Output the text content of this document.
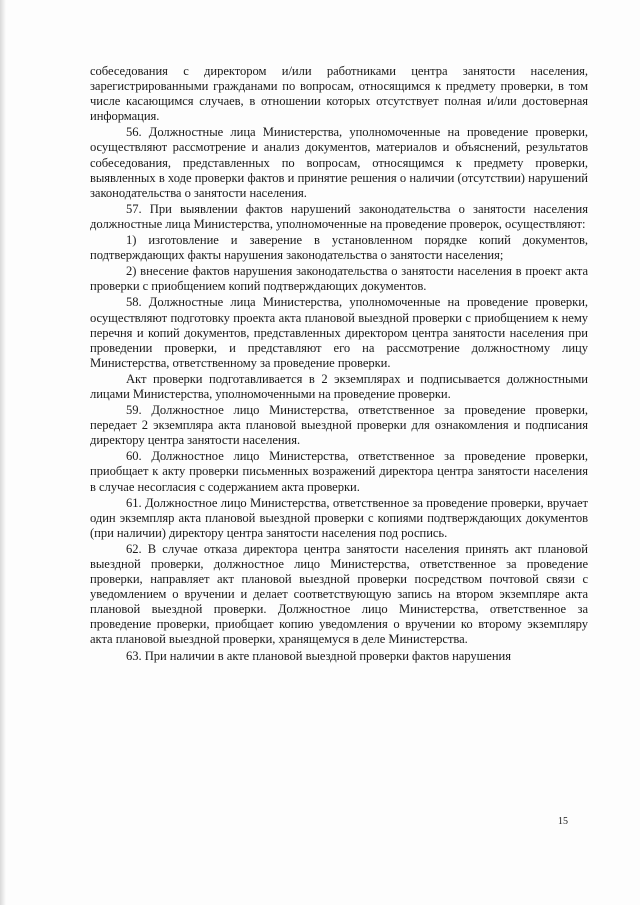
собеседования с директором и/или работниками центра занятости населения, зарегистрированными гражданами по вопросам, относящимся к предмету проверки, в том числе касающимся случаев, в отношении которых отсутствует полная и/или достоверная информация.

56. Должностные лица Министерства, уполномоченные на проведение проверки, осуществляют рассмотрение и анализ документов, материалов и объяснений, результатов собеседования, представленных по вопросам, относящимся к предмету проверки, выявленных в ходе проверки фактов и принятие решения о наличии (отсутствии) нарушений законодательства о занятости населения.

57. При выявлении фактов нарушений законодательства о занятости населения должностные лица Министерства, уполномоченные на проведение проверок, осуществляют:

1) изготовление и заверение в установленном порядке копий документов, подтверждающих факты нарушения законодательства о занятости населения;

2) внесение фактов нарушения законодательства о занятости населения в проект акта проверки с приобщением копий подтверждающих документов.

58. Должностные лица Министерства, уполномоченные на проведение проверки, осуществляют подготовку проекта акта плановой выездной проверки с приобщением к нему перечня и копий документов, представленных директором центра занятости населения при проведении проверки, и представляют его на рассмотрение должностному лицу Министерства, ответственному за проведение проверки.

Акт проверки подготавливается в 2 экземплярах и подписывается должностными лицами Министерства, уполномоченными на проведение проверки.

59. Должностное лицо Министерства, ответственное за проведение проверки, передает 2 экземпляра акта плановой выездной проверки для ознакомления и подписания директору центра занятости населения.

60. Должностное лицо Министерства, ответственное за проведение проверки, приобщает к акту проверки письменных возражений директора центра занятости населения в случае несогласия с содержанием акта проверки.

61. Должностное лицо Министерства, ответственное за проведение проверки, вручает один экземпляр акта плановой выездной проверки с копиями подтверждающих документов (при наличии) директору центра занятости населения под роспись.

62. В случае отказа директора центра занятости населения принять акт плановой выездной проверки, должностное лицо Министерства, ответственное за проведение проверки, направляет акт плановой выездной проверки посредством почтовой связи с уведомлением о вручении и делает соответствующую запись на втором экземпляре акта плановой выездной проверки. Должностное лицо Министерства, ответственное за проведение проверки, приобщает копию уведомления о вручении ко второму экземпляру акта плановой выездной проверки, хранящемуся в деле Министерства.

63. При наличии в акте плановой выездной проверки фактов нарушения

15
